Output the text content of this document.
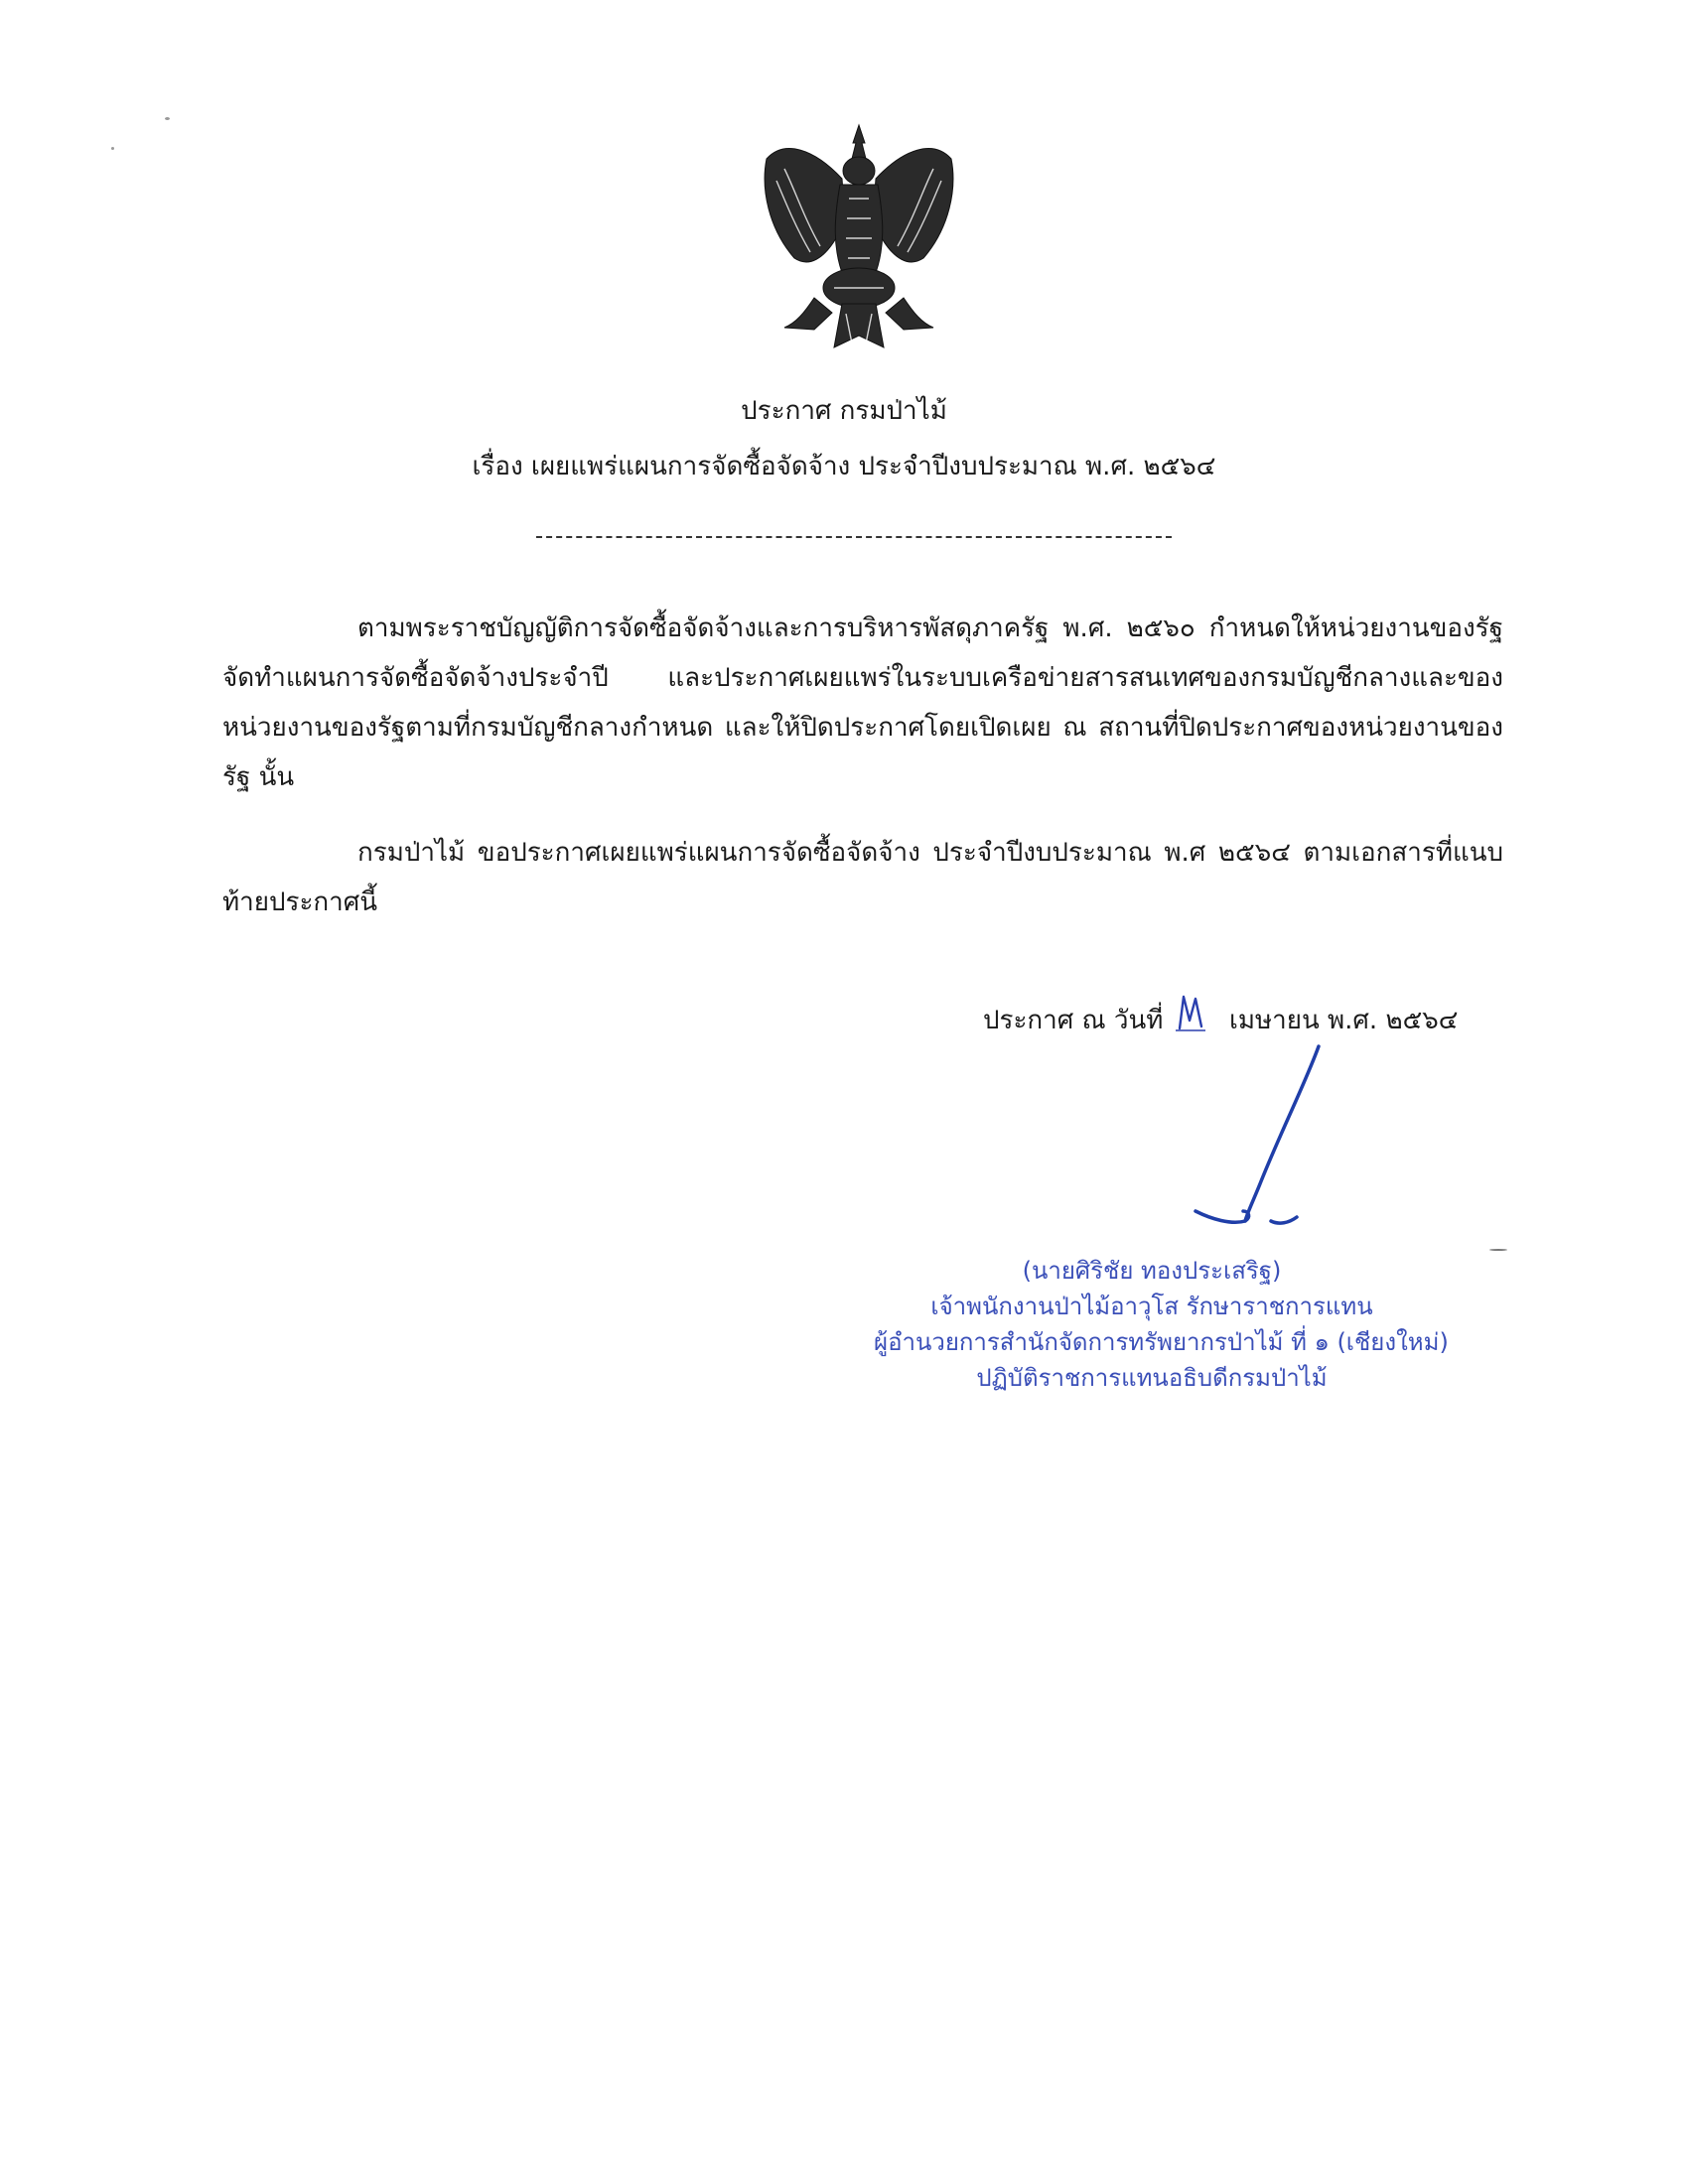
ประกาศ กรมป่าไม้
เรื่อง เผยแพร่แผนการจัดซื้อจัดจ้าง ประจำปีงบประมาณ พ.ศ. ๒๕๖๔

ตามพระราชบัญญัติการจัดซื้อจัดจ้างและการบริหารพัสดุภาครัฐ พ.ศ. ๒๕๖๐ กำหนดให้หน่วยงานของรัฐจัดทำแผนการจัดซื้อจัดจ้างประจำปี และประกาศเผยแพร่ในระบบเครือข่ายสารสนเทศของกรมบัญชีกลางและของหน่วยงานของรัฐตามที่กรมบัญชีกลางกำหนด และให้ปิดประกาศโดยเปิดเผย ณ สถานที่ปิดประกาศของหน่วยงานของรัฐ นั้น

กรมป่าไม้ ขอประกาศเผยแพร่แผนการจัดซื้อจัดจ้าง ประจำปีงบประมาณ พ.ศ ๒๕๖๔ ตามเอกสารที่แนบท้ายประกาศนี้

ประกาศ ณ วันที่	เมษายน พ.ศ. ๒๕๖๔
(นายศิริชัย ทองประเสริฐ)
เจ้าพนักงานป่าไม้อาวุโส รักษาราชการแทน
ผู้อำนวยการสำนักจัดการทรัพยากรป่าไม้ ที่ ๑ (เชียงใหม่)
ปฏิบัติราชการแทนอธิบดีกรมป่าไม้
